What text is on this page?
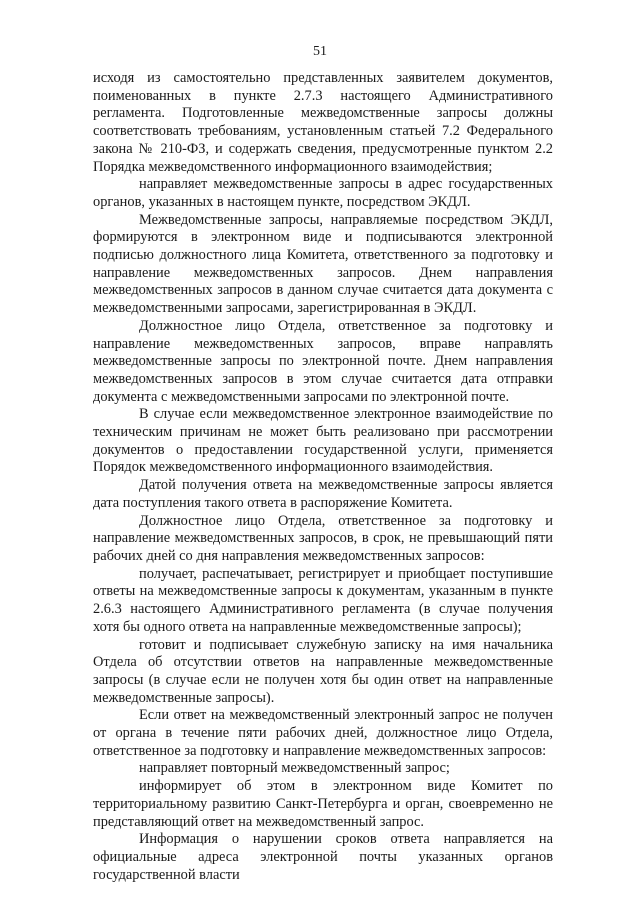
51

исходя из самостоятельно представленных заявителем документов, поименованных в пункте 2.7.3 настоящего Административного регламента. Подготовленные межведомственные запросы должны соответствовать требованиям, установленным статьей 7.2 Федерального закона № 210-ФЗ, и содержать сведения, предусмотренные пунктом 2.2 Порядка межведомственного информационного взаимодействия;

направляет межведомственные запросы в адрес государственных органов, указанных в настоящем пункте, посредством ЭКДЛ.

Межведомственные запросы, направляемые посредством ЭКДЛ, формируются в электронном виде и подписываются электронной подписью должностного лица Комитета, ответственного за подготовку и направление межведомственных запросов. Днем направления межведомственных запросов в данном случае считается дата документа с межведомственными запросами, зарегистрированная в ЭКДЛ.

Должностное лицо Отдела, ответственное за подготовку и направление межведомственных запросов, вправе направлять межведомственные запросы по электронной почте. Днем направления межведомственных запросов в этом случае считается дата отправки документа с межведомственными запросами по электронной почте.

В случае если межведомственное электронное взаимодействие по техническим причинам не может быть реализовано при рассмотрении документов о предоставлении государственной услуги, применяется Порядок межведомственного информационного взаимодействия.

Датой получения ответа на межведомственные запросы является дата поступления такого ответа в распоряжение Комитета.

Должностное лицо Отдела, ответственное за подготовку и направление межведомственных запросов, в срок, не превышающий пяти рабочих дней со дня направления межведомственных запросов:

получает, распечатывает, регистрирует и приобщает поступившие ответы на межведомственные запросы к документам, указанным в пункте 2.6.3 настоящего Административного регламента (в случае получения хотя бы одного ответа на направленные межведомственные запросы);

готовит и подписывает служебную записку на имя начальника Отдела об отсутствии ответов на направленные межведомственные запросы (в случае если не получен хотя бы один ответ на направленные межведомственные запросы).

Если ответ на межведомственный электронный запрос не получен от органа в течение пяти рабочих дней, должностное лицо Отдела, ответственное за подготовку и направление межведомственных запросов:

направляет повторный межведомственный запрос;

информирует об этом в электронном виде Комитет по территориальному развитию Санкт-Петербурга и орган, своевременно не представляющий ответ на межведомственный запрос.

Информация о нарушении сроков ответа направляется на официальные адреса электронной почты указанных органов государственной власти
